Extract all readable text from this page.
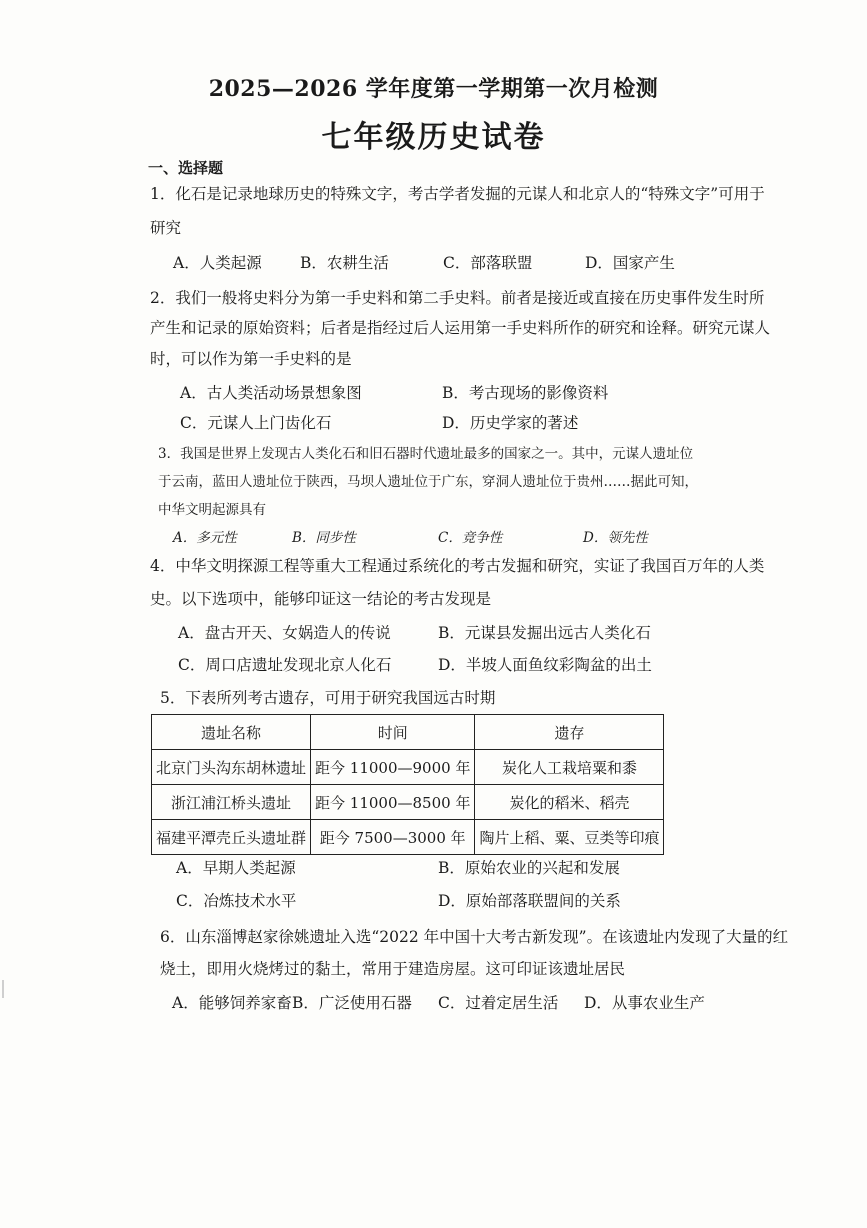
2025—2026 学年度第一学期第一次月检测
七年级历史试卷
一、选择题
1．化石是记录地球历史的特殊文字，考古学者发掘的元谋人和北京人的“特殊文字”可用于
研究
A．人类起源 B．农耕生活	C．部落联盟	D．国家产生
2．我们一般将史料分为第一手史料和第二手史料。前者是接近或直接在历史事件发生时所
产生和记录的原始资料；后者是指经过后人运用第一手史料所作的研究和诠释。研究元谋人
时，可以作为第一手史料的是
A．古人类活动场景想象图	B．考古现场的影像资料
C．元谋人上门齿化石	D．历史学家的著述
3．我国是世界上发现古人类化石和旧石器时代遗址最多的国家之一。其中，元谋人遗址位
于云南，蓝田人遗址位于陕西，马坝人遗址位于广东，穿洞人遗址位于贵州……据此可知，
中华文明起源具有
A．多元性	B．同步性	C．竞争性	D．领先性
4．中华文明探源工程等重大工程通过系统化的考古发掘和研究，实证了我国百万年的人类
史。以下选项中，能够印证这一结论的考古发现是
A．盘古开天、女娲造人的传说	B．元谋县发掘出远古人类化石
C．周口店遗址发现北京人化石	D．半坡人面鱼纹彩陶盆的出土
5．下表所列考古遗存，可用于研究我国远古时期
遗址名称	时间	遗存
北京门头沟东胡林遗址	距今 11000—9000 年	炭化人工栽培粟和黍
浙江浦江桥头遗址	距今 11000—8500 年	炭化的稻米、稻壳
福建平潭壳丘头遗址群	距今 7500—3000 年	陶片上稻、粟、豆类等印痕
A．早期人类起源	B．原始农业的兴起和发展
C．冶炼技术水平	D．原始部落联盟间的关系
6．山东淄博赵家徐姚遗址入选“2022 年中国十大考古新发现”。在该遗址内发现了大量的红
烧土，即用火烧烤过的黏土，常用于建造房屋。这可印证该遗址居民
A．能够饲养家畜 B．广泛使用石器 C．过着定居生活 D．从事农业生产
